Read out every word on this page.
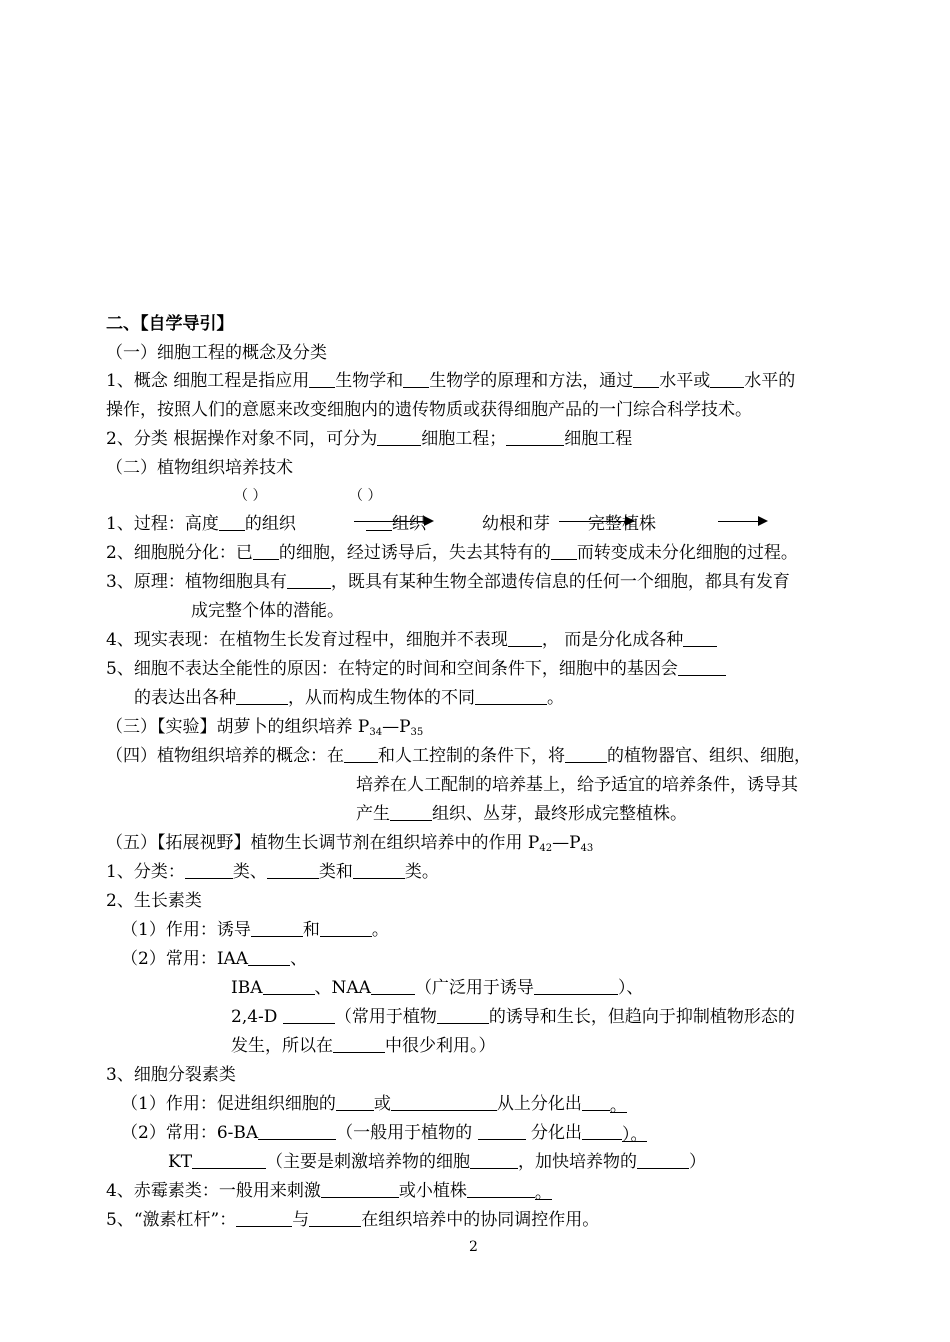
二、【自学导引】
（一）细胞工程的概念及分类
1、概念 细胞工程是指应用 生物学和 生物学的原理和方法，通过 水平或 水平的
操作，按照人们的意愿来改变细胞内的遗传物质或获得细胞产品的一门综合科学技术。
2、分类 根据操作对象不同，可分为	细胞工程；	细胞工程
（二）植物组织培养技术
（ ）	（ ）
1、过程：高度 的组织	组织	幼根和芽 完整植株
2、细胞脱分化：已 的细胞，经过诱导后，失去其特有的 而转变成未分化细胞的过程。
3、原理：植物细胞具有	，既具有某种生物全部遗传信息的任何一个细胞，都具有发育
成完整个体的潜能。
4、现实表现：在植物生长发育过程中，细胞并不表现 ， 而是分化成各种
5、细胞不表达全能性的原因：在特定的时间和空间条件下，细胞中的基因会
的表达出各种	，从而构成生物体的不同	。
（三）【实验】胡萝卜的组织培养 $P_{34}—P_{35}$
（四）植物组织培养的概念：在 和人工控制的条件下，将 的植物器官、组织、细胞，
培养在人工配制的培养基上，给予适宜的培养条件，诱导其
产生 组织、丛芽，最终形成完整植株。
（五）【拓展视野】植物生长调节剂在组织培养中的作用 $P_{42}—P_{43}$
1、分类：	类、	类和	类。
2、生长素类
（1）作用：诱导	和	。
（2）常用：IAA 、
IBA	、NAA	（广泛用于诱导	）、
2,4-D	（常用于植物	的诱导和生长，但趋向于抑制植物形态的
发生，所以在	中很少利用。）
3、细胞分裂素类
（1）作用：促进组织细胞的 或	从上分化出 。
（2）常用：6-BA	（一般用于植物的	分化出 ）。
KT	（主要是刺激培养物的细胞	，加快培养物的	）
4、赤霉素类：一般用来刺激	或小植株	。
5、“激素杠杆”：	与	在组织培养中的协同调控作用。
2
